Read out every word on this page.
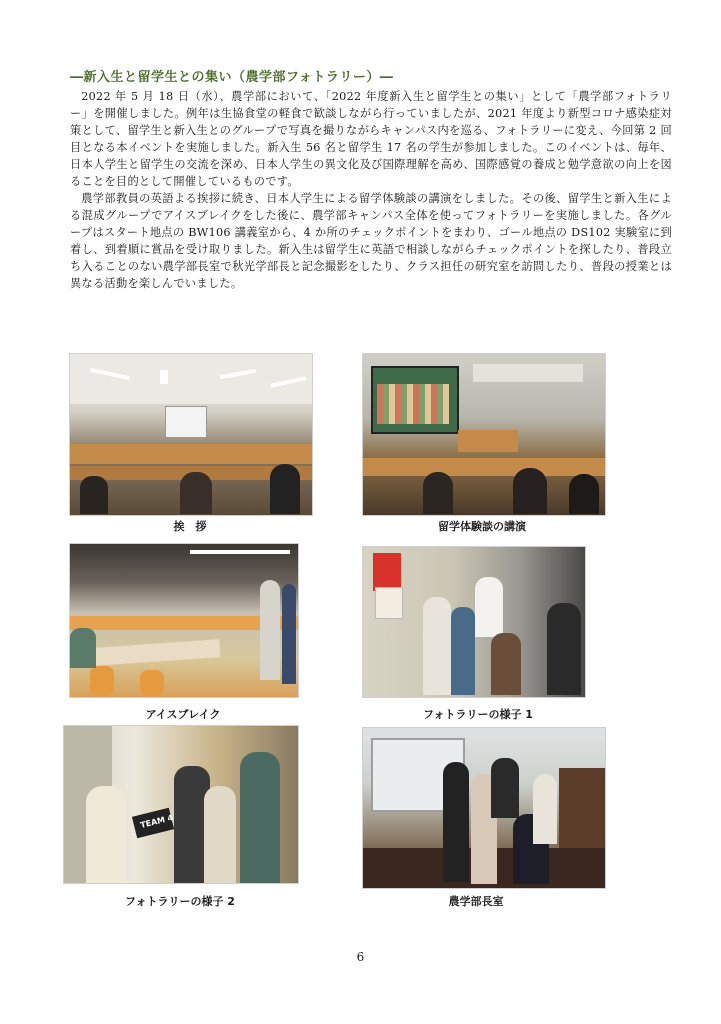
―新入生と留学生との集い（農学部フォトラリー）―

2022 年 5 月 18 日（水）、農学部において、「2022 年度新入生と留学生との集い」として「農学部フォトラリー」を開催しました。例年は生協食堂の軽食で歓談しながら行っていましたが、2021 年度より新型コロナ感染症対策として、留学生と新入生とのグループで写真を撮りながらキャンパス内を巡る、フォトラリーに変え、今回第 2 回目となる本イベントを実施しました。新入生 56 名と留学生 17 名の学生が参加しました。このイベントは、毎年、日本人学生と留学生の交流を深め、日本人学生の異文化及び国際理解を高め、国際感覚の養成と勉学意欲の向上を図ることを目的として開催しているものです。

農学部教員の英語よる挨拶に続き、日本人学生による留学体験談の講演をしました。その後、留学生と新入生による混成グループでアイスブレイクをした後に、農学部キャンパス全体を使ってフォトラリーを実施しました。各グループはスタート地点の BW106 講義室から、4 か所のチェックポイントをまわり、ゴール地点の DS102 実験室に到着し、到着順に賞品を受け取りました。新入生は留学生に英語で相談しながらチェックポイントを探したり、普段立ち入ることのない農学部長室で秋光学部長と記念撮影をしたり、クラス担任の研究室を訪問したり、普段の授業とは異なる活動を楽しんでいました。

挨　拶	留学体験談の講演
アイスブレイク	フォトラリーの様子 1
TEAM 4
フォトラリーの様子 2	農学部長室
6
